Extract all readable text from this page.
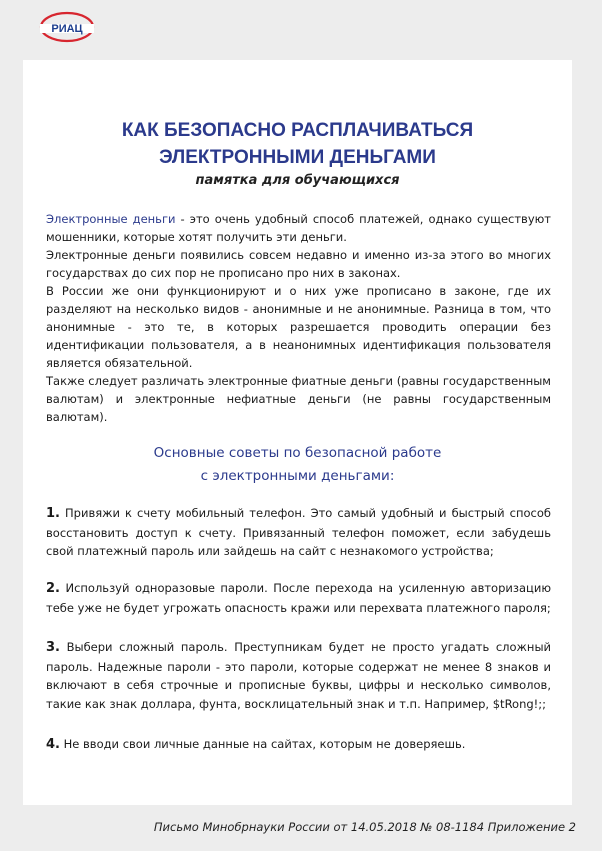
РИАЦ
КАК БЕЗОПАСНО РАСПЛАЧИВАТЬСЯ
ЭЛЕКТРОННЫМИ ДЕНЬГАМИ
памятка для обучающихся

Электронные деньги - это очень удобный способ платежей, однако существуют мошенники, которые хотят получить эти деньги.

Электронные деньги появились совсем недавно и именно из-за этого во многих государствах до сих пор не прописано про них в законах.

В России же они функционируют и о них уже прописано в законе, где их разделяют на несколько видов - анонимные и не анонимные. Разница в том, что анонимные - это те, в которых разрешается проводить операции без идентификации пользователя, а в неанонимных идентификация пользователя является обязательной.

Также следует различать электронные фиатные деньги (равны государственным валютам) и электронные нефиатные деньги (не равны государственным валютам).

Основные советы по безопасной работе
с электронными деньгами:
1. Привяжи к счету мобильный телефон. Это самый удобный и быстрый способ восстановить доступ к счету. Привязанный телефон поможет, если забудешь свой платежный пароль или зайдешь на сайт с незнакомого устройства;
2. Используй одноразовые пароли. После перехода на усиленную авторизацию тебе уже не будет угрожать опасность кражи или перехвата платежного пароля;
3. Выбери сложный пароль. Преступникам будет не просто угадать сложный пароль. Надежные пароли - это пароли, которые содержат не менее 8 знаков и включают в себя строчные и прописные буквы, цифры и несколько символов, такие как знак доллара, фунта, восклицательный знак и т.п. Например, $tRong!;;
4. Не вводи свои личные данные на сайтах, которым не доверяешь.
Письмо Минобрнауки России от 14.05.2018 № 08-1184 Приложение 2
